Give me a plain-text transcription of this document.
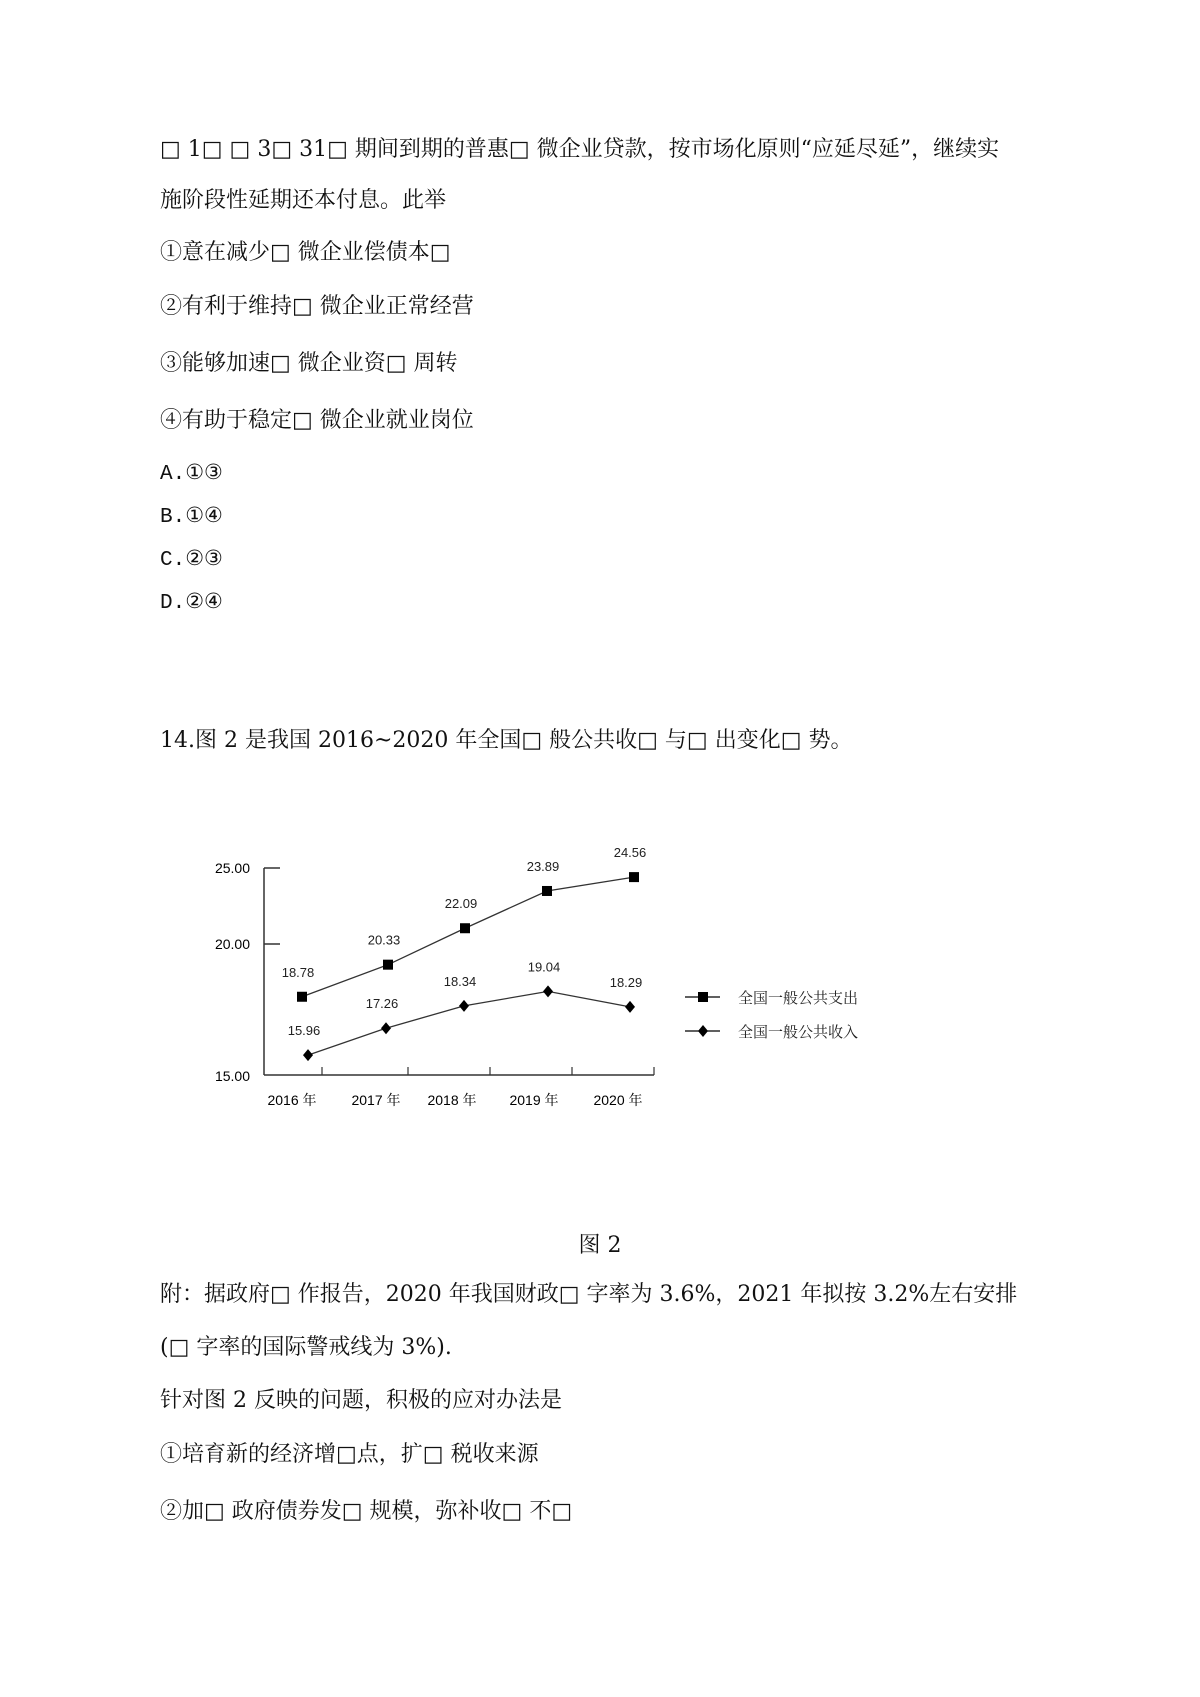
□ 1□ □ 3□ 31□ 期间到期的普惠□ 微企业贷款，按市场化原则“应延尽延”，继续实
施阶段性延期还本付息。此举
①意在减少□ 微企业偿债本□
②有利于维持□ 微企业正常经营
③能够加速□ 微企业资□ 周转
④有助于稳定□ 微企业就业岗位
A.①③
B.①④
C.②③
D.②④
14.图 2 是我国 2016~2020 年全国□ 般公共收□ 与□ 出变化□ 势。
25.00
20.00
15.00
2016 年 2017 年 2018 年 2019 年 2020 年
18.78
20.33
22.09
23.89
24.56
15.96
17.26
18.34
19.04
18.29
全国一般公共支出
全国一般公共收入
图 2
附：据政府□ 作报告，2020 年我国财政□ 字率为 3.6%，2021 年拟按 3.2%左右安排
(□ 字率的国际警戒线为 3%).
针对图 2 反映的问题，积极的应对办法是
①培育新的经济增□点，扩□ 税收来源
②加□ 政府债券发□ 规模，弥补收□ 不□
